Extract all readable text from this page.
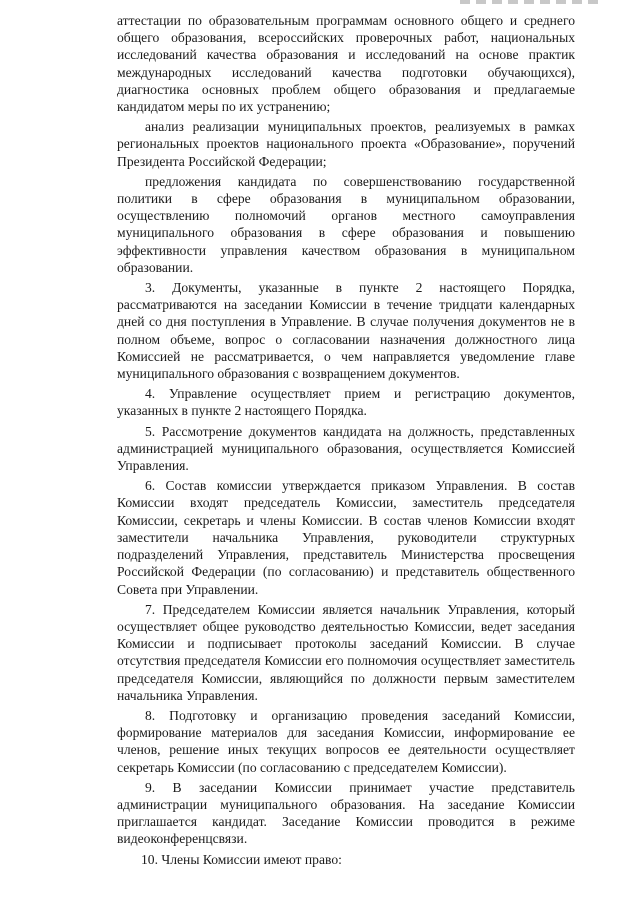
аттестации по образовательным программам основного общего и среднего общего образования, всероссийских проверочных работ, национальных исследований качества образования и исследований на основе практик международных исследований качества подготовки обучающихся), диагностика основных проблем общего образования и предлагаемые кандидатом меры по их устранению;

анализ реализации муниципальных проектов, реализуемых в рамках региональных проектов национального проекта «Образование», поручений Президента Российской Федерации;

предложения кандидата по совершенствованию государственной политики в сфере образования в муниципальном образовании, осуществлению полномочий органов местного самоуправления муниципального образования в сфере образования и повышению эффективности управления качеством образования в муниципальном образовании.

3. Документы, указанные в пункте 2 настоящего Порядка, рассматриваются на заседании Комиссии в течение тридцати календарных дней со дня поступления в Управление. В случае получения документов не в полном объеме, вопрос о согласовании назначения должностного лица Комиссией не рассматривается, о чем направляется уведомление главе муниципального образования с возвращением документов.

4. Управление осуществляет прием и регистрацию документов, указанных в пункте 2 настоящего Порядка.

5. Рассмотрение документов кандидата на должность, представленных администрацией муниципального образования, осуществляется Комиссией Управления.

6. Состав комиссии утверждается приказом Управления. В состав Комиссии входят председатель Комиссии, заместитель председателя Комиссии, секретарь и члены Комиссии. В состав членов Комиссии входят заместители начальника Управления, руководители структурных подразделений Управления, представитель Министерства просвещения Российской Федерации (по согласованию) и представитель общественного Совета при Управлении.

7. Председателем Комиссии является начальник Управления, который осуществляет общее руководство деятельностью Комиссии, ведет заседания Комиссии и подписывает протоколы заседаний Комиссии. В случае отсутствия председателя Комиссии его полномочия осуществляет заместитель председателя Комиссии, являющийся по должности первым заместителем начальника Управления.

8. Подготовку и организацию проведения заседаний Комиссии, формирование материалов для заседания Комиссии, информирование ее членов, решение иных текущих вопросов ее деятельности осуществляет секретарь Комиссии (по согласованию с председателем Комиссии).

9. В заседании Комиссии принимает участие представитель администрации муниципального образования. На заседание Комиссии приглашается кандидат. Заседание Комиссии проводится в режиме видеоконференцсвязи.

10. Члены Комиссии имеют право:
